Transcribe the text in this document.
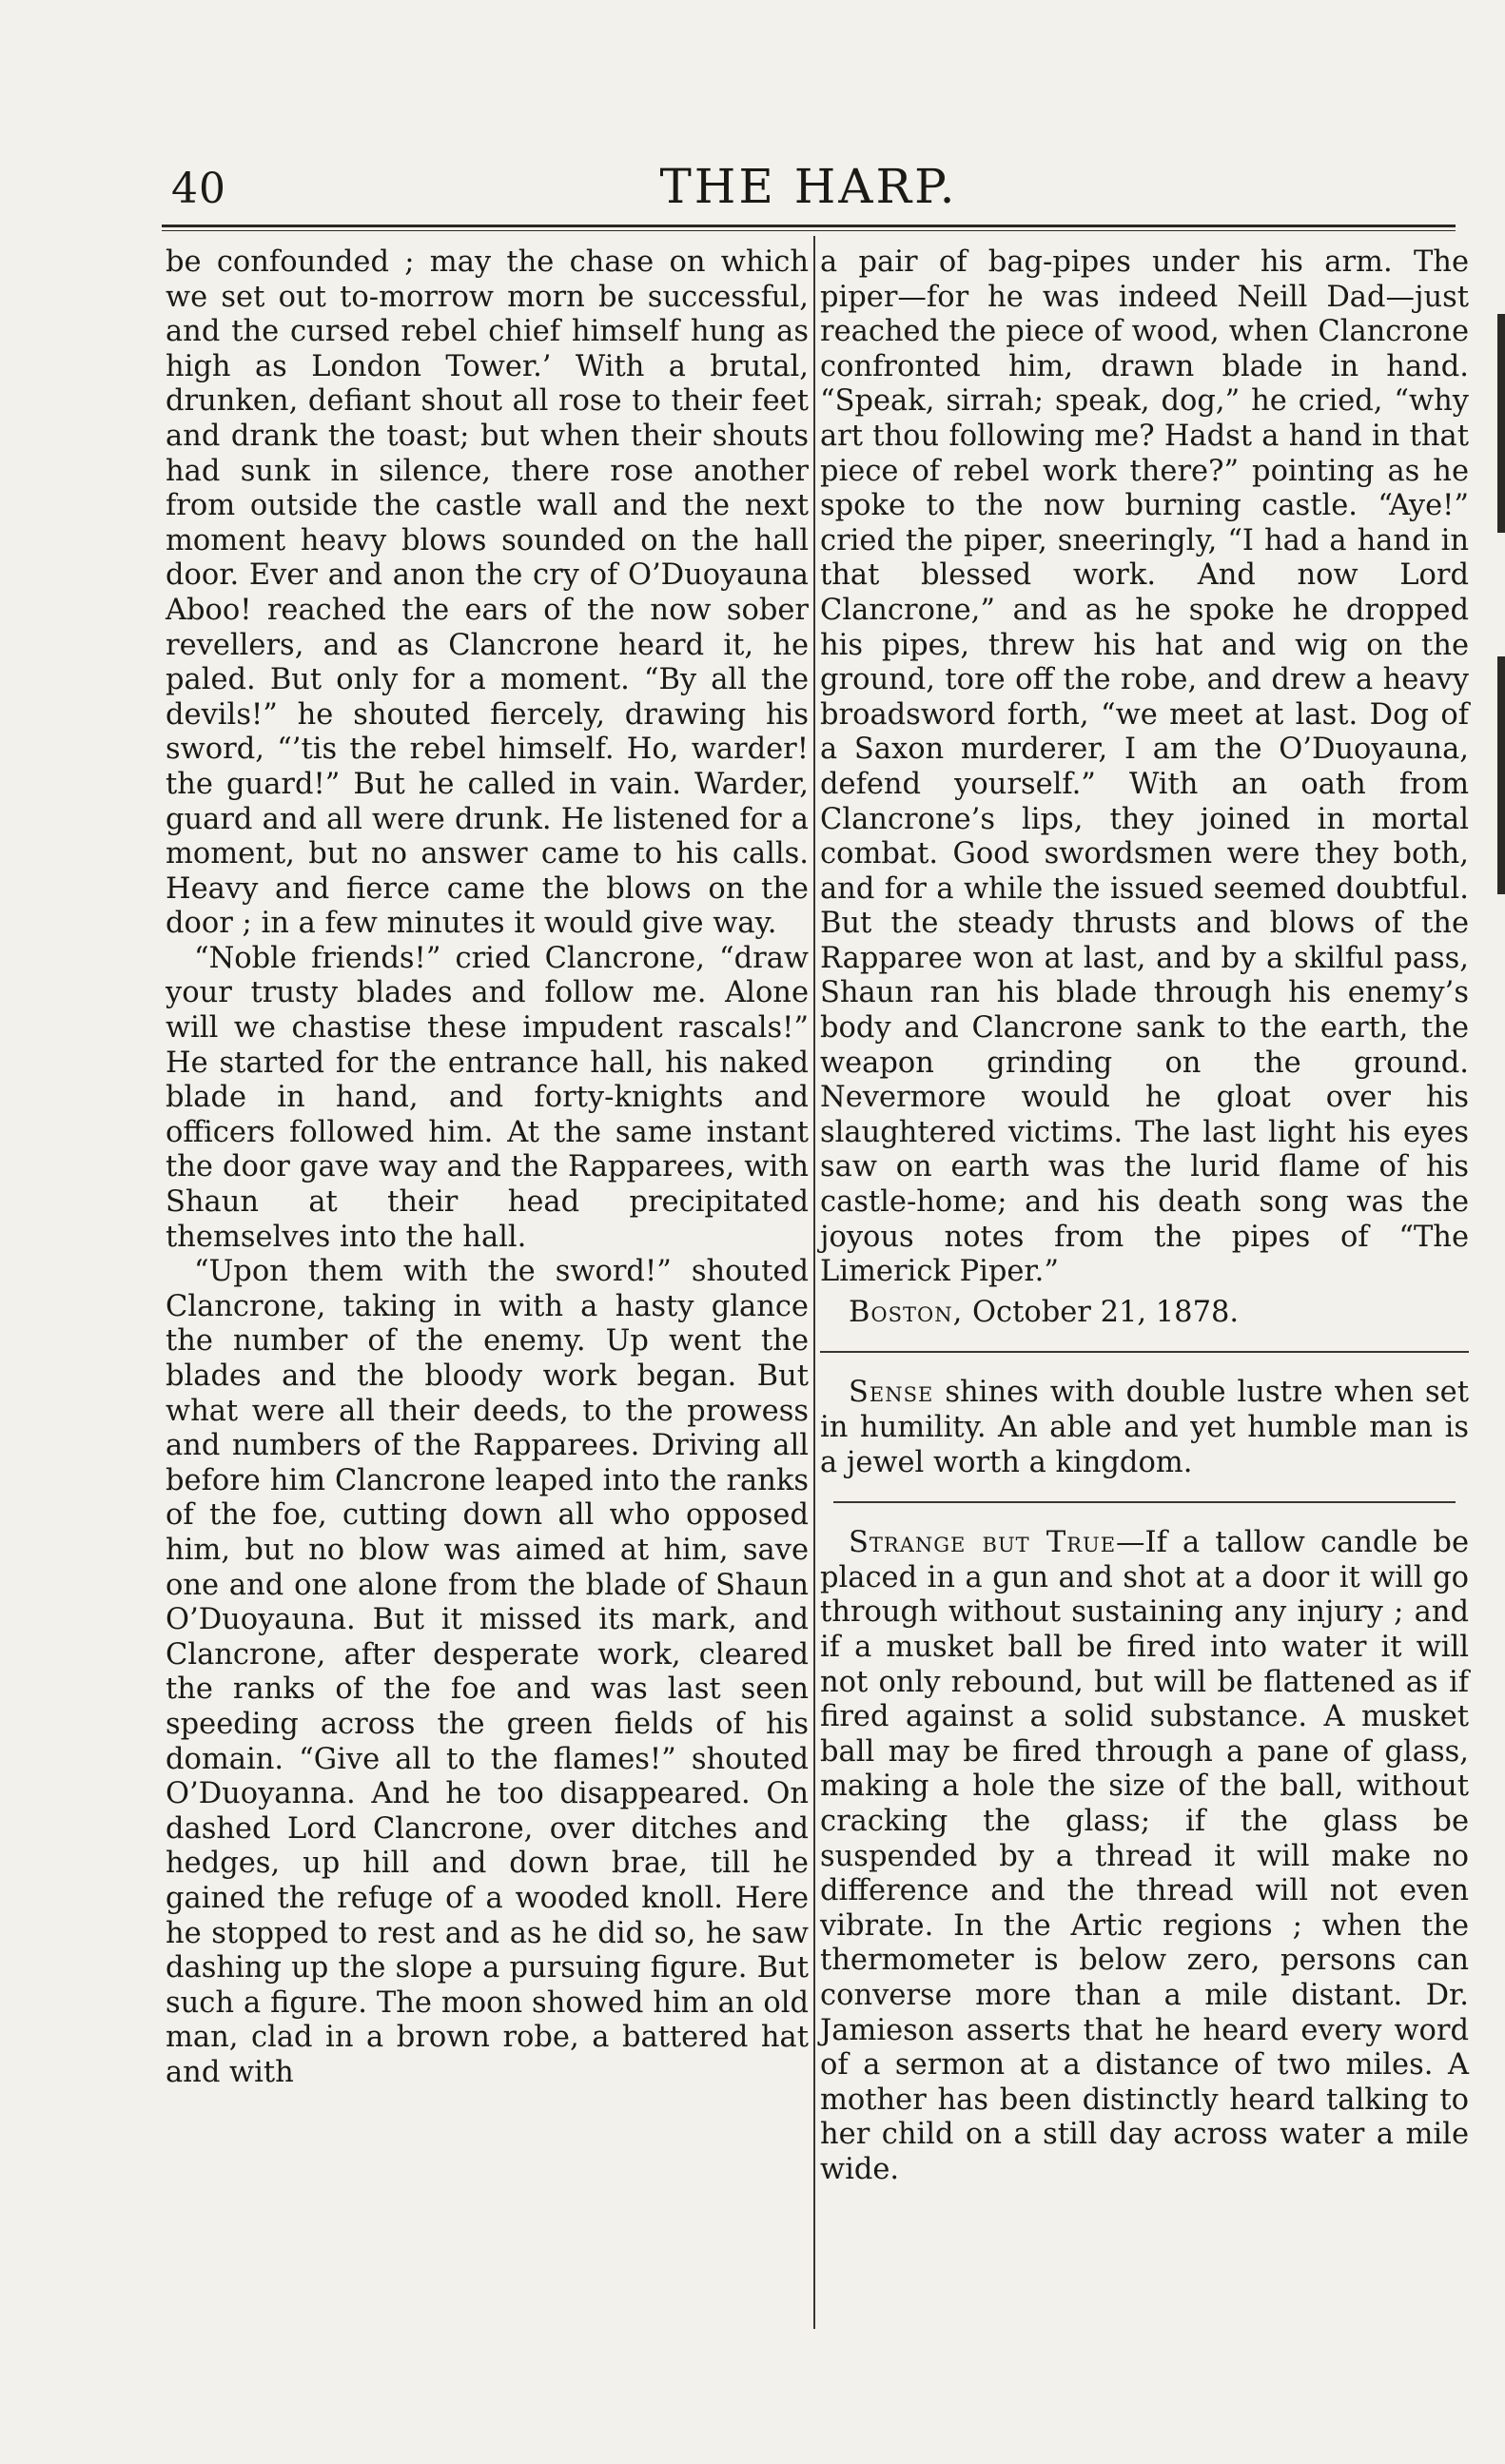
40	THE HARP.

be confounded ; may the chase on which we set out to-morrow morn be successful, and the cursed rebel chief himself hung as high as London Tower.’ With a brutal, drunken, defiant shout all rose to their feet and drank the toast; but when their shouts had sunk in silence, there rose another from outside the castle wall and the next moment heavy blows sounded on the hall door. Ever and anon the cry of O’Duoyauna Aboo! reached the ears of the now sober revellers, and as Clancrone heard it, he paled. But only for a moment. “By all the devils!” he shouted fiercely, drawing his sword, “’tis the rebel himself. Ho, warder! the guard!” But he called in vain. Warder, guard and all were drunk. He listened for a moment, but no answer came to his calls. Heavy and fierce came the blows on the door ; in a few minutes it would give way.

“Noble friends!” cried Clancrone, “draw your trusty blades and follow me. Alone will we chastise these impudent rascals!” He started for the entrance hall, his naked blade in hand, and forty-knights and officers followed him. At the same instant the door gave way and the Rapparees, with Shaun at their head precipitated themselves into the hall.

“Upon them with the sword!” shouted Clancrone, taking in with a hasty glance the number of the enemy. Up went the blades and the bloody work began. But what were all their deeds, to the prowess and numbers of the Rapparees. Driving all before him Clancrone leaped into the ranks of the foe, cutting down all who opposed him, but no blow was aimed at him, save one and one alone from the blade of Shaun O’Duoyauna. But it missed its mark, and Clancrone, after desperate work, cleared the ranks of the foe and was last seen speeding across the green fields of his domain. “Give all to the flames!” shouted O’Duoyanna. And he too disappeared. On dashed Lord Clancrone, over ditches and hedges, up hill and down brae, till he gained the refuge of a wooded knoll. Here he stopped to rest and as he did so, he saw dashing up the slope a pursuing figure. But such a figure. The moon showed him an old man, clad in a brown robe, a battered hat and with

a pair of bag-pipes under his arm. The piper—for he was indeed Neill Dad—just reached the piece of wood, when Clancrone confronted him, drawn blade in hand. “Speak, sirrah; speak, dog,” he cried, “why art thou following me? Hadst a hand in that piece of rebel work there?” pointing as he spoke to the now burning castle. “Aye!” cried the piper, sneeringly, “I had a hand in that blessed work. And now Lord Clancrone,” and as he spoke he dropped his pipes, threw his hat and wig on the ground, tore off the robe, and drew a heavy broadsword forth, “we meet at last. Dog of a Saxon murderer, I am the O’Duoyauna, defend yourself.” With an oath from Clancrone’s lips, they joined in mortal combat. Good swordsmen were they both, and for a while the issued seemed doubtful. But the steady thrusts and blows of the Rapparee won at last, and by a skilful pass, Shaun ran his blade through his enemy’s body and Clancrone sank to the earth, the weapon grinding on the ground. Nevermore would he gloat over his slaughtered victims. The last light his eyes saw on earth was the lurid flame of his castle-home; and his death song was the joyous notes from the pipes of “The Limerick Piper.”

Boston, October 21, 1878.

Sense shines with double lustre when set in humility. An able and yet humble man is a jewel worth a kingdom.

Strange but True—If a tallow candle be placed in a gun and shot at a door it will go through without sustaining any injury ; and if a musket ball be fired into water it will not only rebound, but will be flattened as if fired against a solid substance. A musket ball may be fired through a pane of glass, making a hole the size of the ball, without cracking the glass; if the glass be suspended by a thread it will make no difference and the thread will not even vibrate. In the Artic regions ; when the thermometer is below zero, persons can converse more than a mile distant. Dr. Jamieson asserts that he heard every word of a sermon at a distance of two miles. A mother has been distinctly heard talking to her child on a still day across water a mile wide.
